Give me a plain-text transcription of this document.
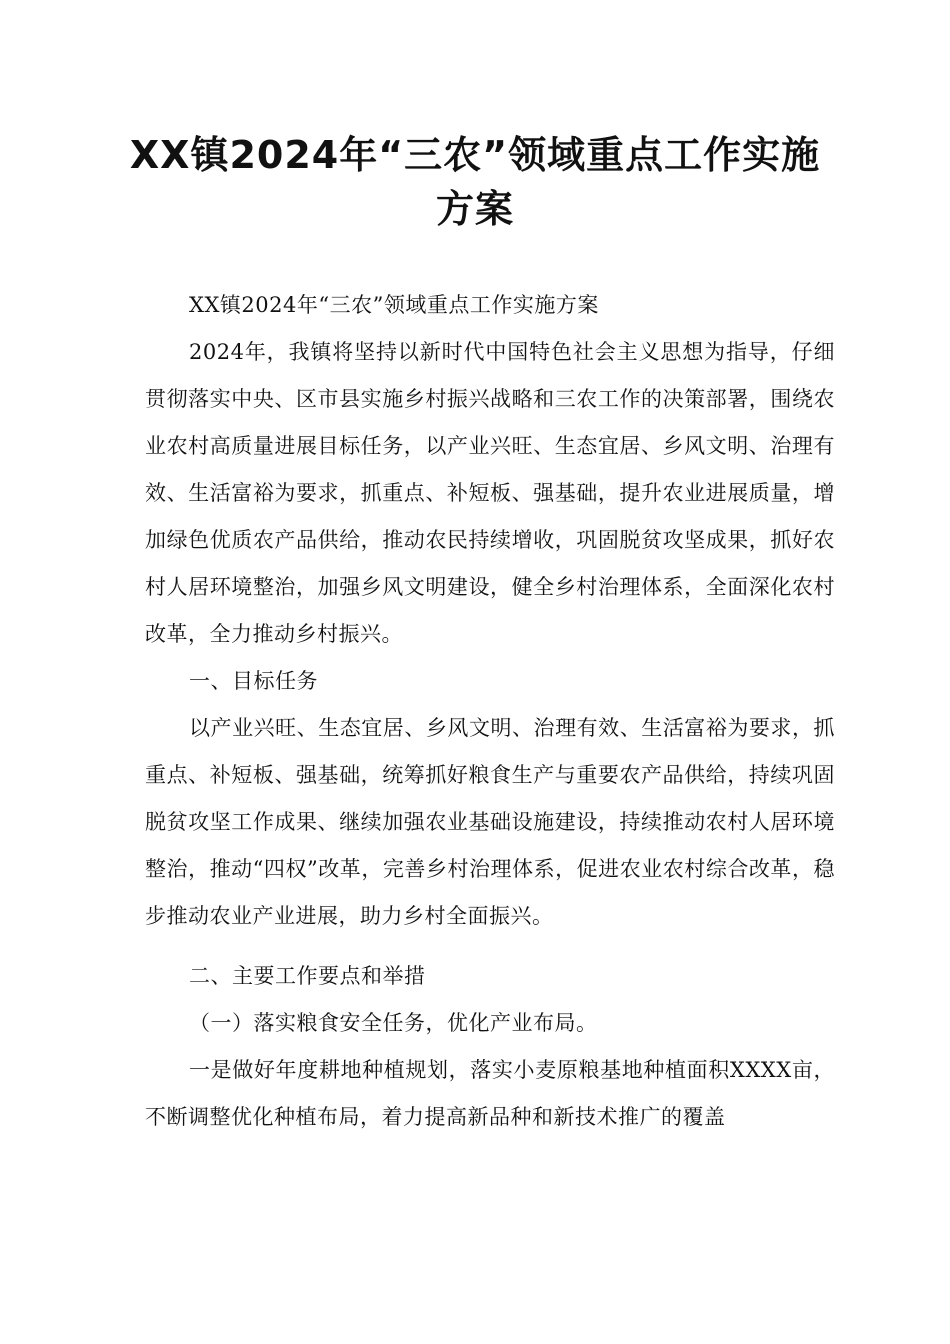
XX镇2024年“三农”领域重点工作实施方案

XX镇2024年“三农”领域重点工作实施方案

2024年，我镇将坚持以新时代中国特色社会主义思想为指导，仔细贯彻落实中央、区市县实施乡村振兴战略和三农工作的决策部署，围绕农业农村高质量进展目标任务，以产业兴旺、生态宜居、乡风文明、治理有效、生活富裕为要求，抓重点、补短板、强基础，提升农业进展质量，增加绿色优质农产品供给，推动农民持续增收，巩固脱贫攻坚成果，抓好农村人居环境整治，加强乡风文明建设，健全乡村治理体系，全面深化农村改革，全力推动乡村振兴。

一、目标任务

以产业兴旺、生态宜居、乡风文明、治理有效、生活富裕为要求，抓重点、补短板、强基础，统筹抓好粮食生产与重要农产品供给，持续巩固脱贫攻坚工作成果、继续加强农业基础设施建设，持续推动农村人居环境整治，推动“四权”改革，完善乡村治理体系，促进农业农村综合改革，稳步推动农业产业进展，助力乡村全面振兴。

二、主要工作要点和举措

（一）落实粮食安全任务，优化产业布局。

一是做好年度耕地种植规划，落实小麦原粮基地种植面积XXXX亩，不断调整优化种植布局，着力提高新品种和新技术推广的覆盖
